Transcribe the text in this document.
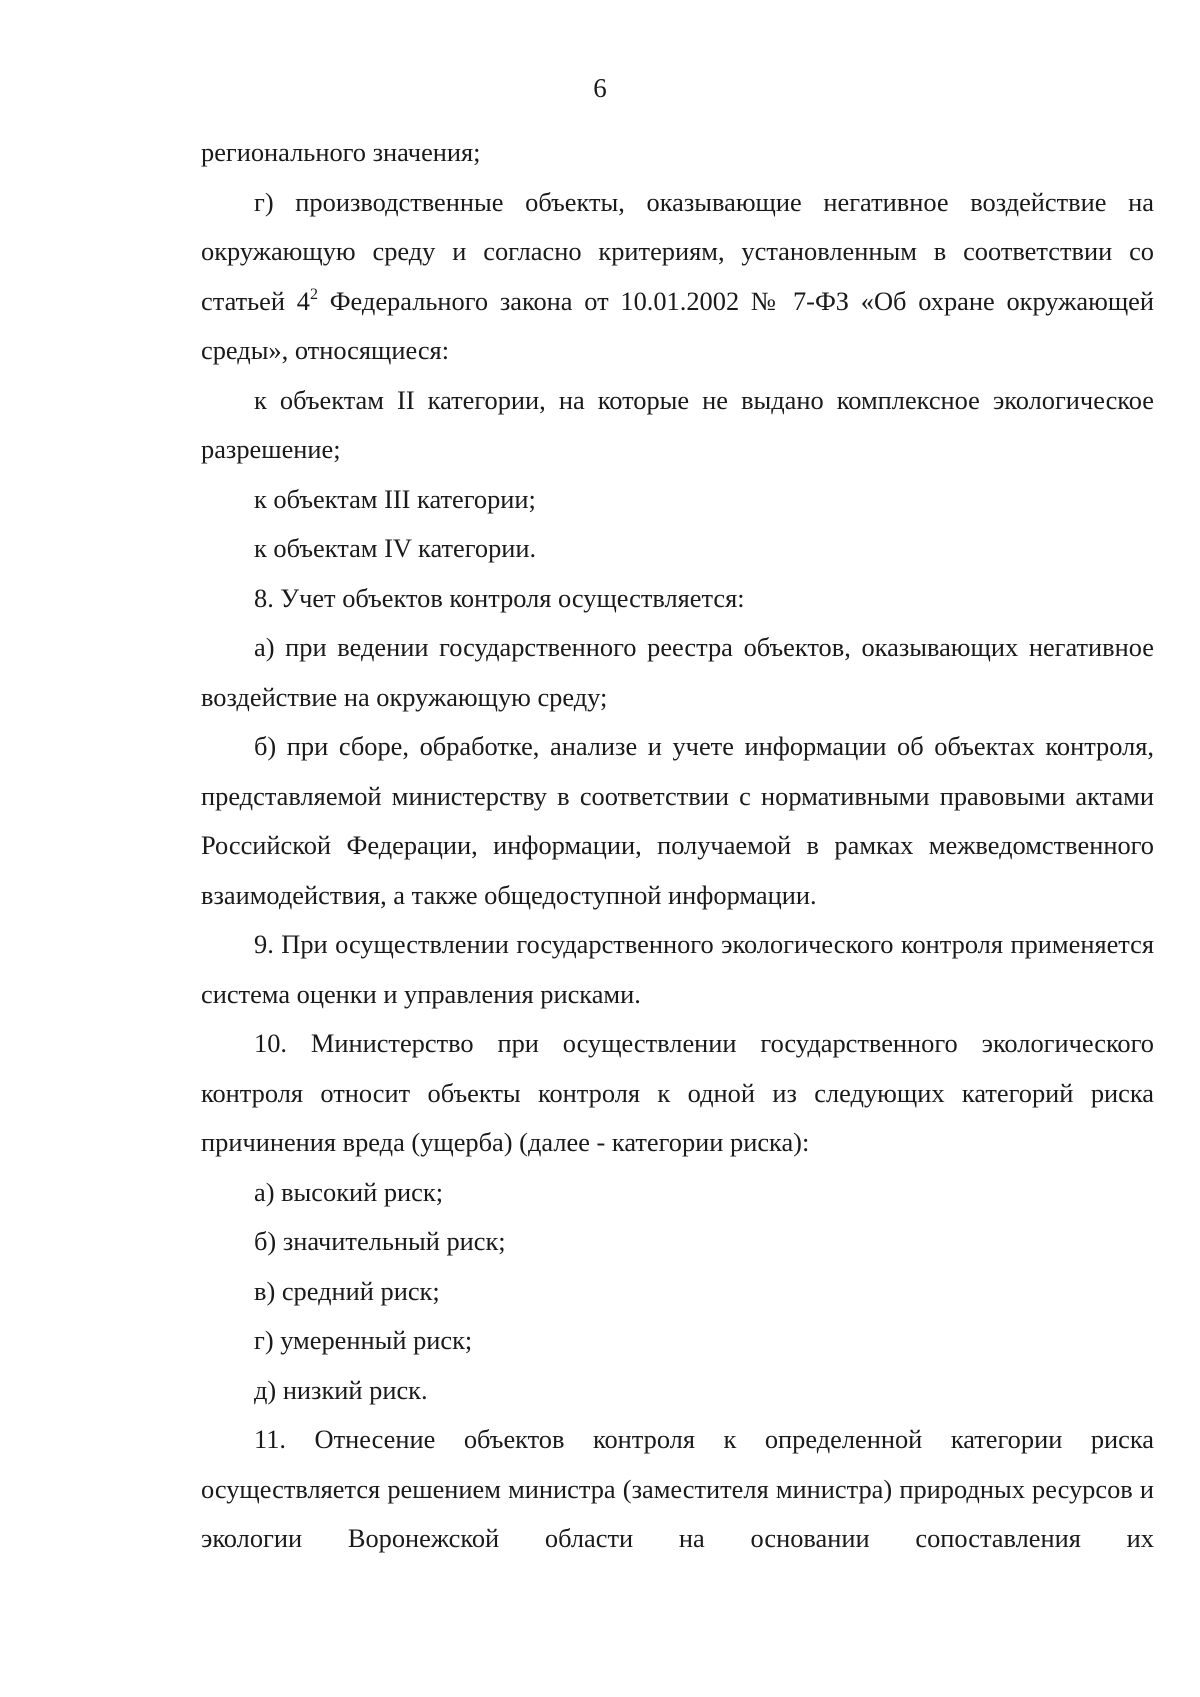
6

регионального значения;

г) производственные объекты, оказывающие негативное воздействие на окружающую среду и согласно критериям, установленным в соответствии со

статьей $4^2$ Федерального закона от 10.01.2002 № 7-ФЗ «Об охране окружающей среды», относящиеся:

к объектам II категории, на которые не выдано комплексное экологическое разрешение;

к объектам III категории;

к объектам IV категории.

8. Учет объектов контроля осуществляется:

а) при ведении государственного реестра объектов, оказывающих негативное воздействие на окружающую среду;

б) при сборе, обработке, анализе и учете информации об объектах контроля, представляемой министерству в соответствии с нормативными правовыми актами Российской Федерации, информации, получаемой в рамках межведомственного взаимодействия, а также общедоступной информации.

9. При осуществлении государственного экологического контроля применяется система оценки и управления рисками.

10. Министерство при осуществлении государственного экологического контроля относит объекты контроля к одной из следующих категорий риска причинения вреда (ущерба) (далее - категории риска):

а) высокий риск;

б) значительный риск;

в) средний риск;

г) умеренный риск;

д) низкий риск.

11. Отнесение объектов контроля к определенной категории риска осуществляется решением министра (заместителя министра) природных ресурсов и экологии Воронежской области на основании сопоставления их
